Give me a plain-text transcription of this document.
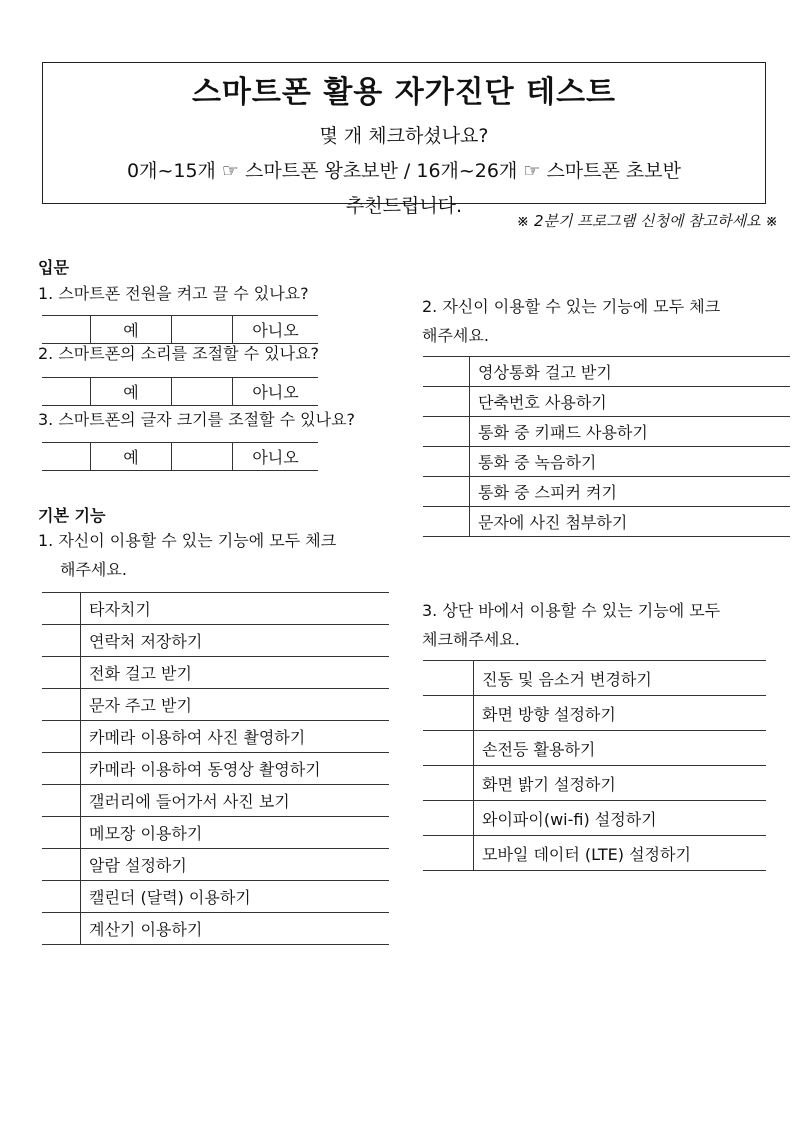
스마트폰 활용 자가진단 테스트
몇 개 체크하셨나요?
0개~15개 ☞ 스마트폰 왕초보반 / 16개~26개 ☞ 스마트폰 초보반
추천드립니다.
※ 2분기 프로그램 신청에 참고하세요 ※
입문
1. 스마트폰 전원을 켜고 끌 수 있나요?
	예		아니오
2. 스마트폰의 소리를 조절할 수 있나요?
	예		아니오
3. 스마트폰의 글자 크기를 조절할 수 있나요?
	예		아니오
기본 기능
1. 자신이 이용할 수 있는 기능에 모두 체크
해주세요.
	타자치기
	연락처 저장하기
	전화 걸고 받기
	문자 주고 받기
	카메라 이용하여 사진 촬영하기
	카메라 이용하여 동영상 촬영하기
	갤러리에 들어가서 사진 보기
	메모장 이용하기
	알람 설정하기
	캘린더 (달력) 이용하기
	계산기 이용하기
2. 자신이 이용할 수 있는 기능에 모두 체크
해주세요.
	영상통화 걸고 받기
	단축번호 사용하기
	통화 중 키패드 사용하기
	통화 중 녹음하기
	통화 중 스피커 켜기
	문자에 사진 첨부하기
3. 상단 바에서 이용할 수 있는 기능에 모두
체크해주세요.
	진동 및 음소거 변경하기
	화면 방향 설정하기
	손전등 활용하기
	화면 밝기 설정하기
	와이파이(wi-fi) 설정하기
	모바일 데이터 (LTE) 설정하기
